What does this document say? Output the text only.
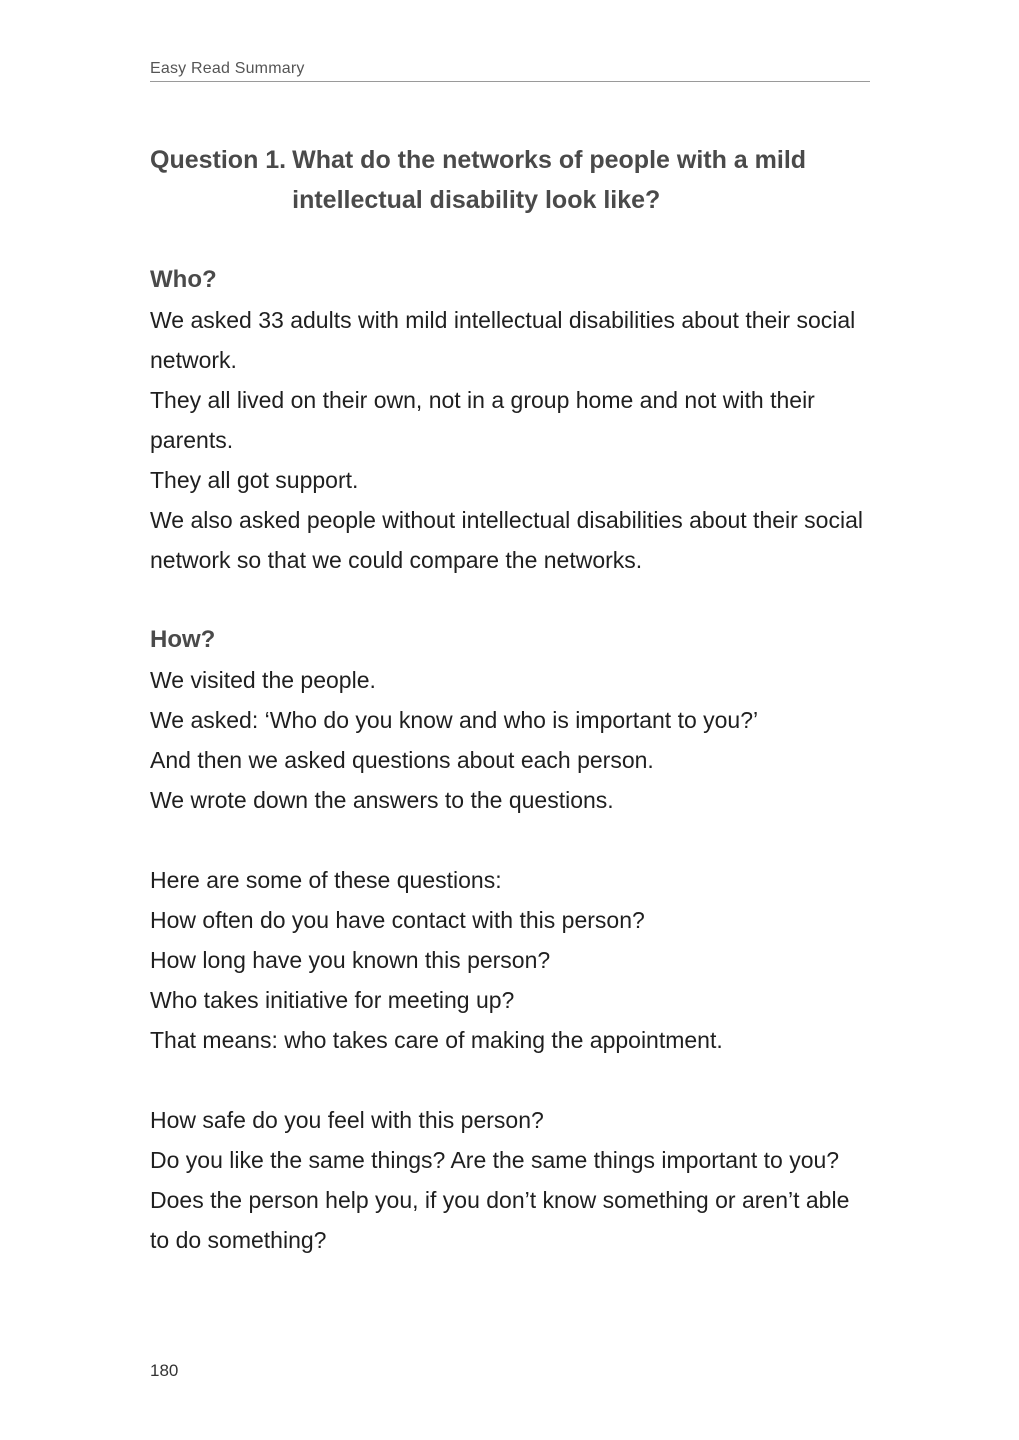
Easy Read Summary
Question 1. What do the networks of people with a mild intellectual disability look like?
Who?

We asked 33 adults with mild intellectual disabilities about their social network.

They all lived on their own, not in a group home and not with their parents.

They all got support.

We also asked people without intellectual disabilities about their social network so that we could compare the networks.

How?

We visited the people.

We asked: ‘Who do you know and who is important to you?’

And then we asked questions about each person.

We wrote down the answers to the questions.

Here are some of these questions:

How often do you have contact with this person?

How long have you known this person?

Who takes initiative for meeting up?

That means: who takes care of making the appointment.

How safe do you feel with this person?

Do you like the same things? Are the same things important to you?

Does the person help you, if you don’t know something or aren’t able to do something?

180
